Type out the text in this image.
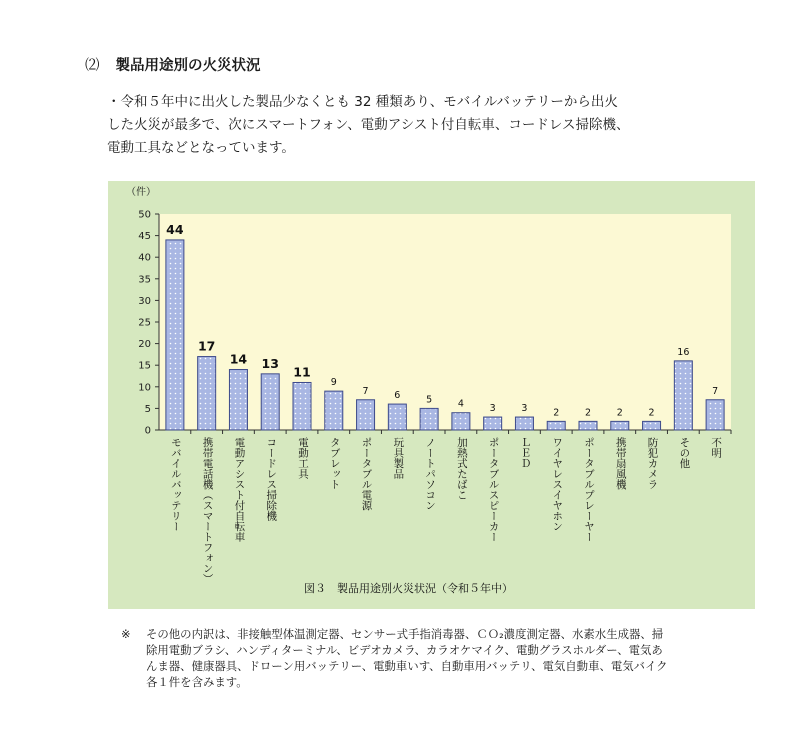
⑵ 製品用途別の火災状況
・令和５年中に出火した製品少なくとも 32 種類あり、モバイルバッテリーから出火
した火災が最多で、次にスマートフォン、電動アシスト付自転車、コードレス掃除機、
電動工具などとなっています。
（件）
0
5
10
15
20
25
30
35
40
45
50
44
モバイルバッテリー
17
携帯電話機（スマートフォン）
14
電動アシスト付自転車
13
コードレス掃除機
11
電動工具
9
タブレット
7
ポータブル電源
6
玩具製品
5
ノートパソコン
4
加熱式たばこ
3
ポータブルスピーカー
3
ＬＥＤ
2
ワイヤレスイヤホン
2
ポータブルプレーヤー
2
携帯扇風機
2
防犯カメラ
16
その他
7
不明
図３　製品用途別火災状況（令和５年中）
※ その他の内訳は、非接触型体温測定器、センサー式手指消毒器、ＣＯ₂濃度測定器、水素水生成器、掃
除用電動ブラシ、ハンディターミナル、ビデオカメラ、カラオケマイク、電動グラスホルダー、電気あ
んま器、健康器具、ドローン用バッテリー、電動車いす、自動車用バッテリ、電気自動車、電気バイク
各１件を含みます。
